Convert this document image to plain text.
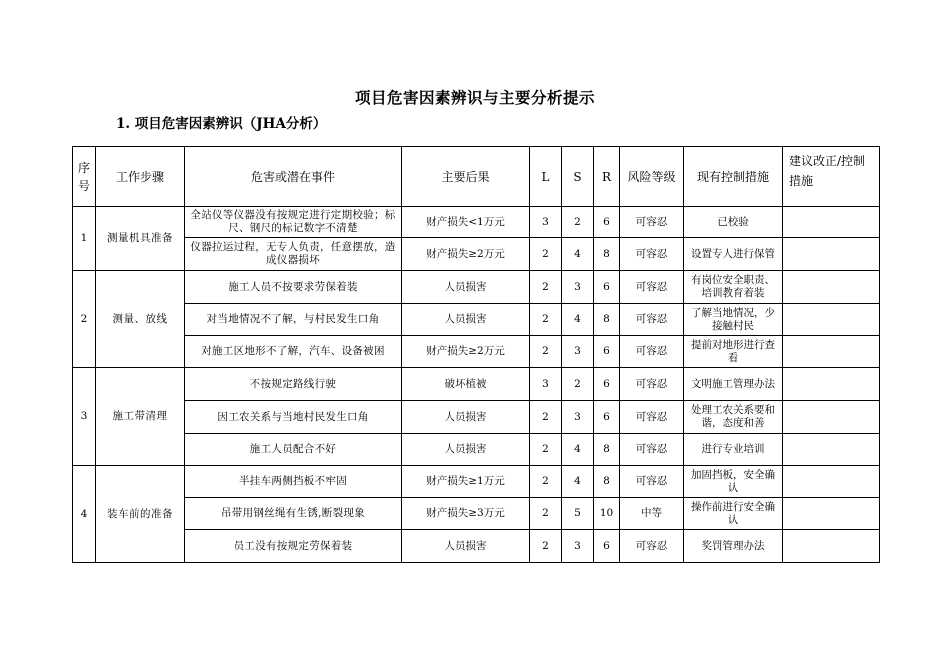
项目危害因素辨识与主要分析提示
1. 项目危害因素辨识（JHA分析）
序号	工作步骤	危害或潜在事件	主要后果	L	S	R	风险等级	现有控制措施	建议改正/控制措施
1	测量机具准备	全站仪等仪器没有按规定进行定期校验；标尺、钢尺的标记数字不清楚	财产损失<1万元	3	2	6	可容忍	已校验	
		仪器拉运过程，无专人负责，任意摆放，造成仪器损坏	财产损失≥2万元	2	4	8	可容忍	设置专人进行保管	
2	测量、放线	施工人员不按要求劳保着装	人员损害	2	3	6	可容忍	有岗位安全职责、培训教育着装	
		对当地情况不了解，与村民发生口角	人员损害	2	4	8	可容忍	了解当地情况，少接触村民	
		对施工区地形不了解，汽车、设备被困	财产损失≥2万元	2	3	6	可容忍	提前对地形进行查看	
3	施工带清理	不按规定路线行驶	破坏植被	3	2	6	可容忍	文明施工管理办法	
		因工农关系与当地村民发生口角	人员损害	2	3	6	可容忍	处理工农关系要和谐，态度和善	
		施工人员配合不好	人员损害	2	4	8	可容忍	进行专业培训	
4	装车前的准备	半挂车两侧挡板不牢固	财产损失≥1万元	2	4	8	可容忍	加固挡板，安全确认	
		吊带用钢丝绳有生锈,断裂现象	财产损失≥3万元	2	5	10	中等	操作前进行安全确认	
		员工没有按规定劳保着装	人员损害	2	3	6	可容忍	奖罚管理办法	
